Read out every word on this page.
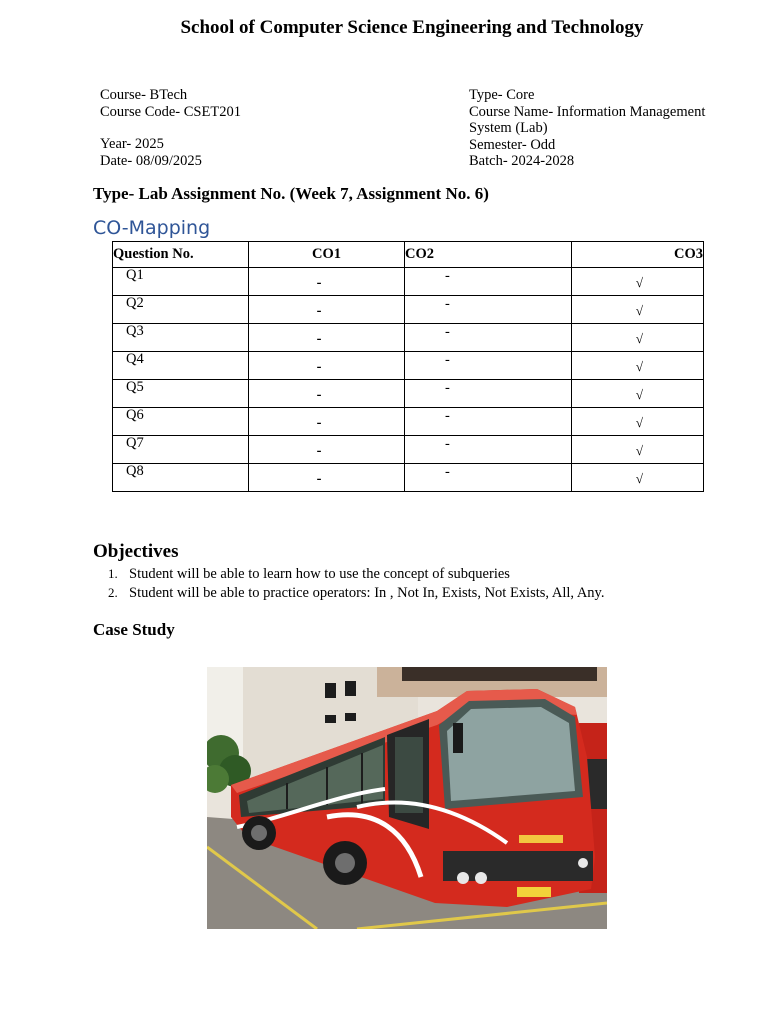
School of Computer Science Engineering and Technology
Course- BTech
Course Code- CSET201
Year- 2025
Date- 08/09/2025
Type- Core
Course Name- Information Management System (Lab)
Semester- Odd
Batch- 2024-2028
Type- Lab Assignment No. (Week 7, Assignment No. 6)
CO-Mapping
Question No.	CO1	CO2	CO3

Q1	-	-	√

Q2	-	-	√

Q3	-	-	√

Q4	-	-	√

Q5	-	-	√

Q6	-	-	√

Q7	-	-	√

Q8	-	-	√
Objectives
1. Student will be able to learn how to use the concept of subqueries
2. Student will be able to practice operators: In , Not In, Exists, Not Exists, All, Any.
Case Study
